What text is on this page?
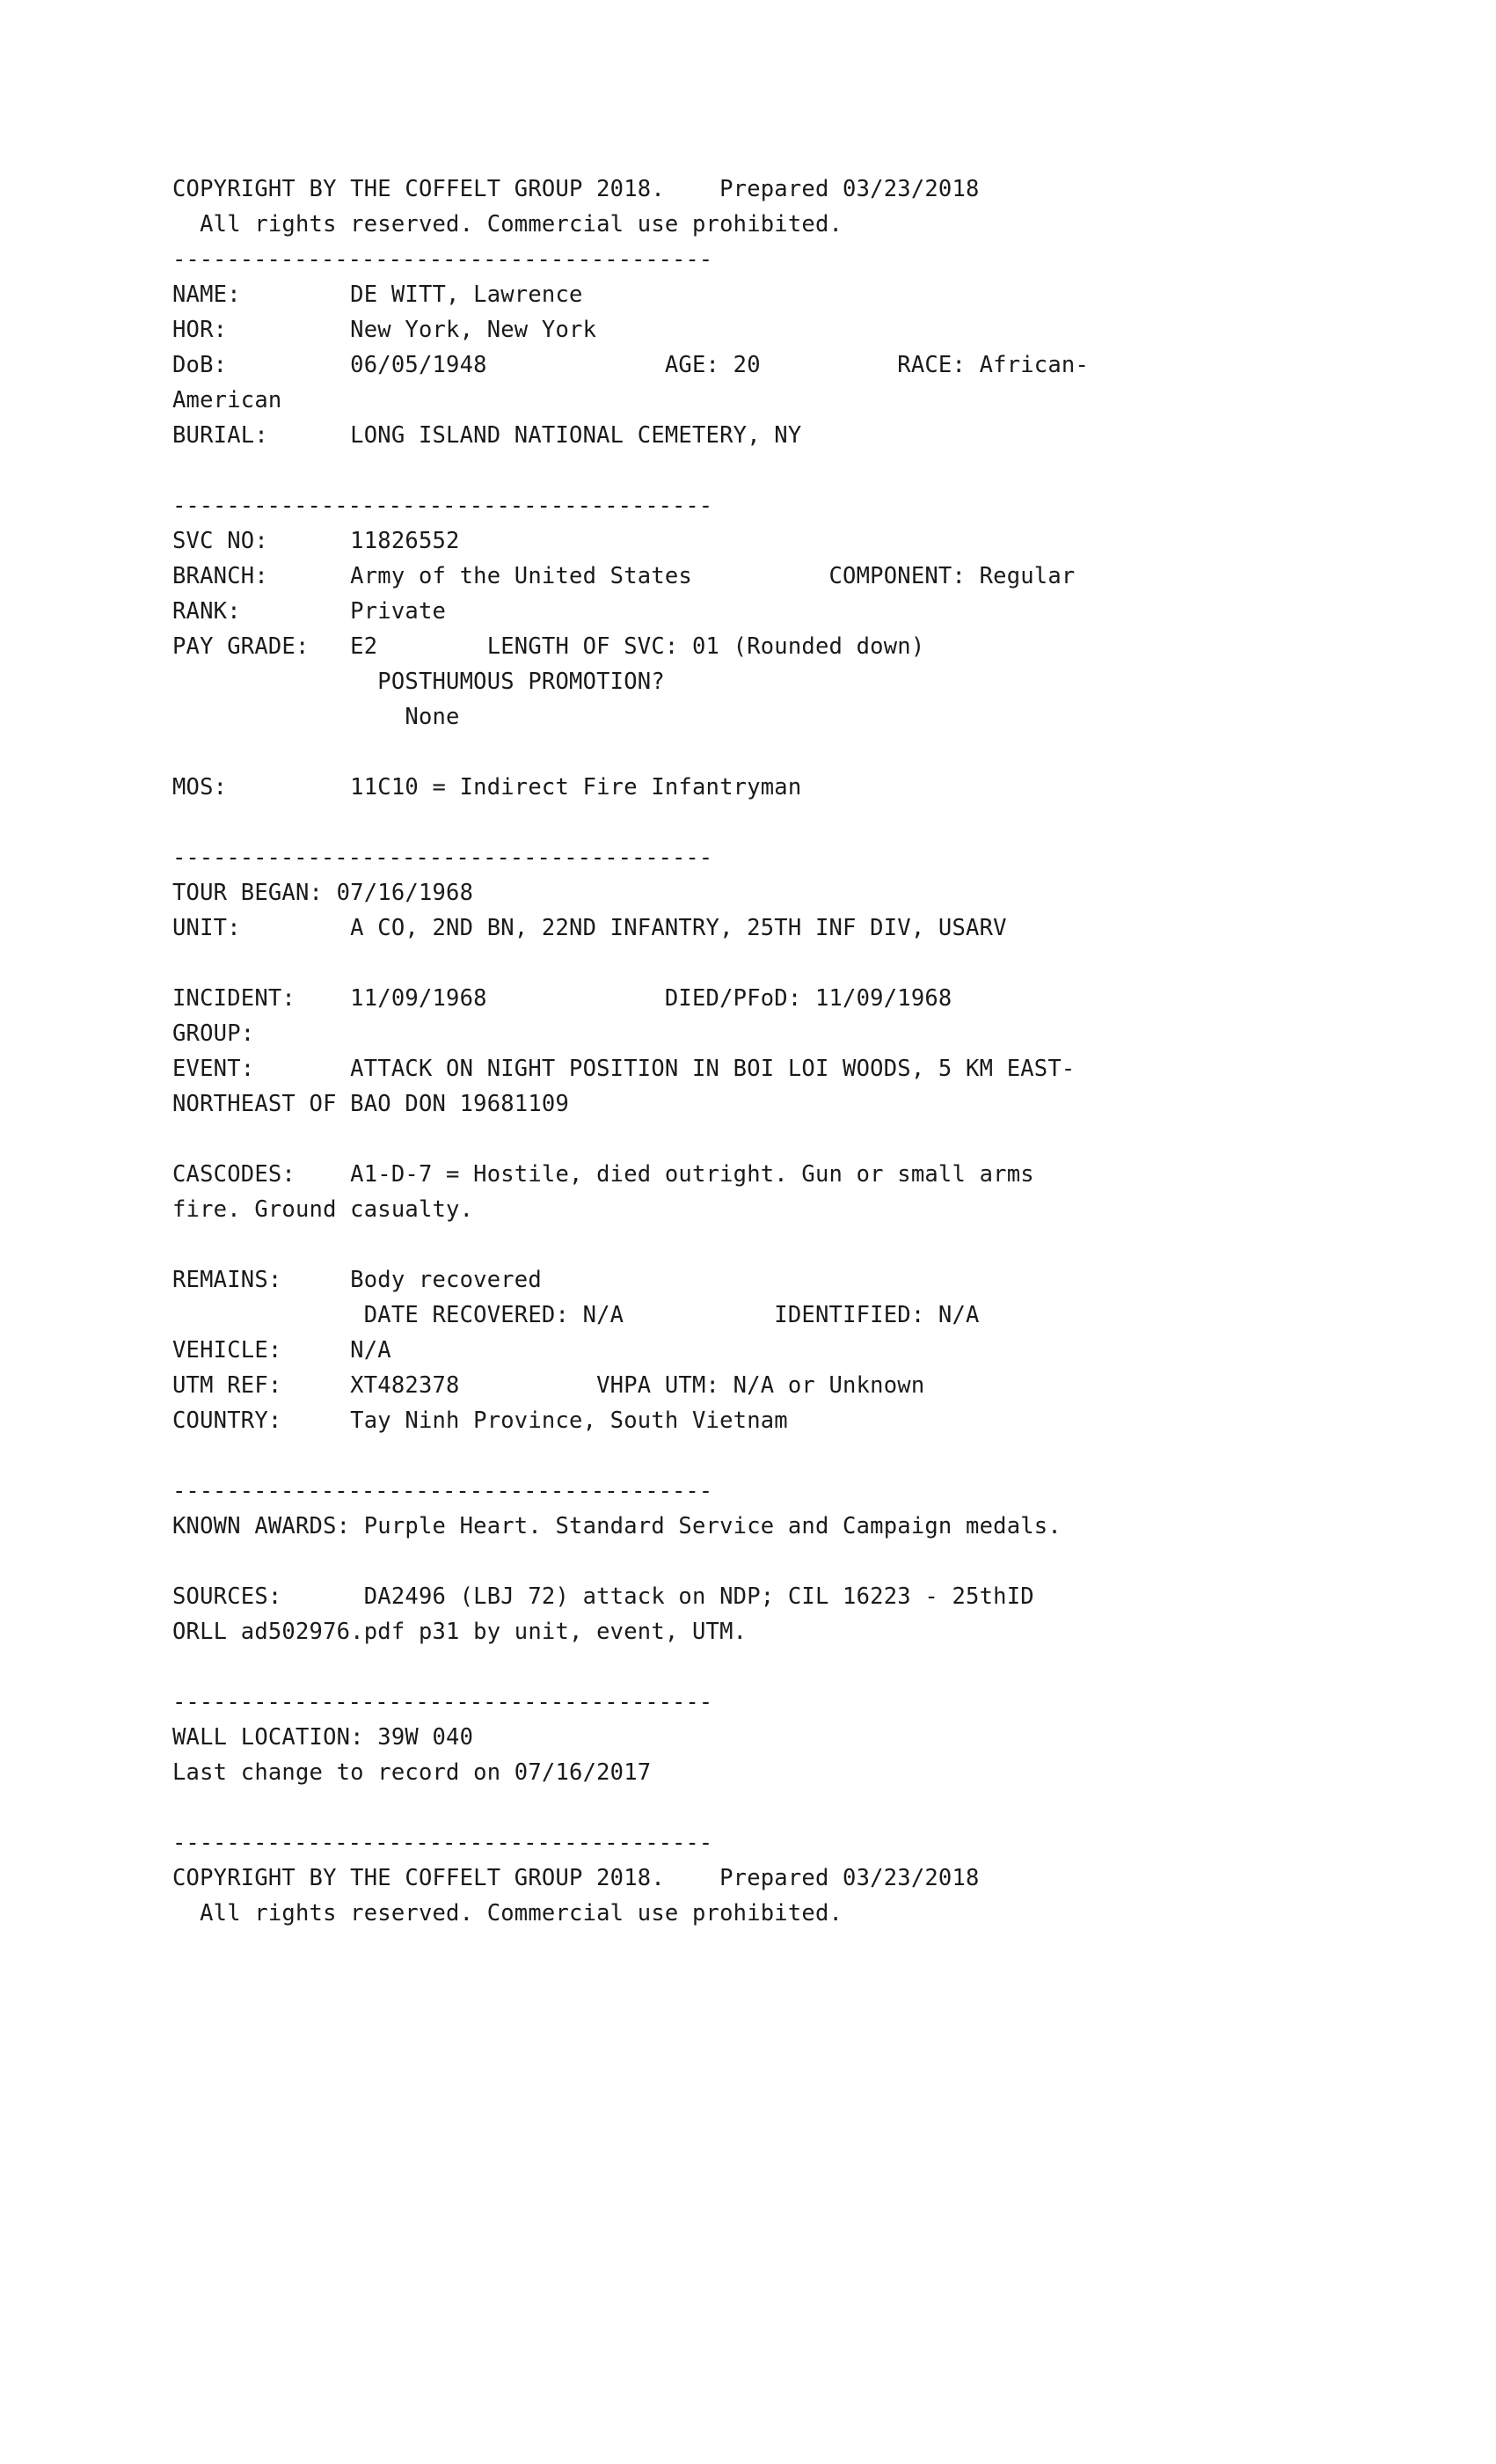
COPYRIGHT BY THE COFFELT GROUP 2018.    Prepared 03/23/2018
All rights reserved. Commercial use prohibited.
----------------------------------------
NAME:        DE WITT, Lawrence
HOR:         New York, New York
DoB:         06/05/1948             AGE: 20          RACE: African-
American
BURIAL:      LONG ISLAND NATIONAL CEMETERY, NY

----------------------------------------
SVC NO:      11826552
BRANCH:      Army of the United States          COMPONENT: Regular
RANK:        Private
PAY GRADE:   E2        LENGTH OF SVC: 01 (Rounded down)
POSTHUMOUS PROMOTION?
None

MOS:         11C10 = Indirect Fire Infantryman

----------------------------------------
TOUR BEGAN: 07/16/1968
UNIT:        A CO, 2ND BN, 22ND INFANTRY, 25TH INF DIV, USARV

INCIDENT:    11/09/1968             DIED/PFoD: 11/09/1968
GROUP:
EVENT:       ATTACK ON NIGHT POSITION IN BOI LOI WOODS, 5 KM EAST-
NORTHEAST OF BAO DON 19681109

CASCODES:    A1-D-7 = Hostile, died outright. Gun or small arms
fire. Ground casualty.

REMAINS:     Body recovered
DATE RECOVERED: N/A           IDENTIFIED: N/A
VEHICLE:     N/A
UTM REF:     XT482378          VHPA UTM: N/A or Unknown
COUNTRY:     Tay Ninh Province, South Vietnam

----------------------------------------
KNOWN AWARDS: Purple Heart. Standard Service and Campaign medals.

SOURCES:      DA2496 (LBJ 72) attack on NDP; CIL 16223 - 25thID
ORLL ad502976.pdf p31 by unit, event, UTM.

----------------------------------------
WALL LOCATION: 39W 040
Last change to record on 07/16/2017

----------------------------------------
COPYRIGHT BY THE COFFELT GROUP 2018.    Prepared 03/23/2018
All rights reserved. Commercial use prohibited.
